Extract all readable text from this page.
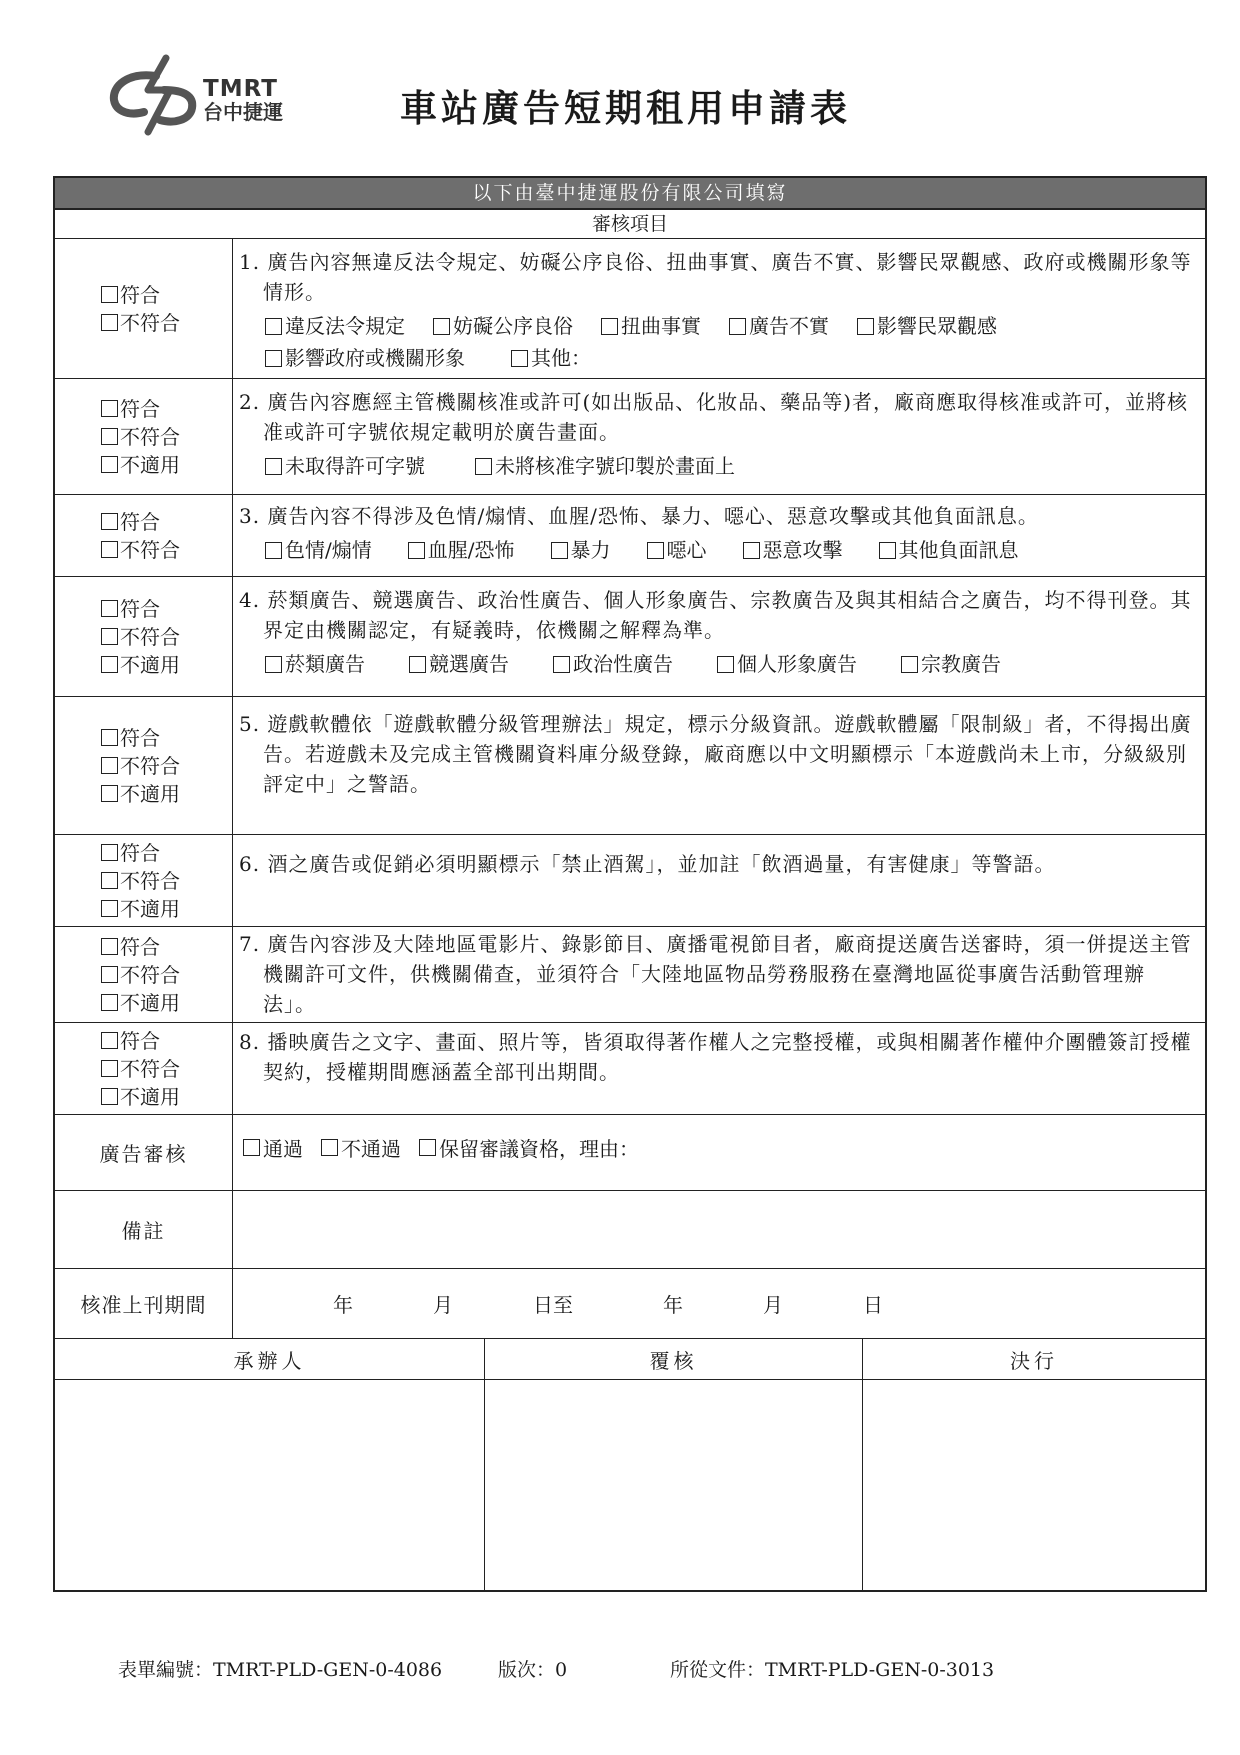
TMRT
台中捷運	車站廣告短期租用申請表
以下由臺中捷運股份有限公司填寫
審核項目
符合
不符合
1. 廣告內容無違反法令規定、妨礙公序良俗、扭曲事實、廣告不實、影響民眾觀感、政府或機關形象等情形。
違反法令規定 妨礙公序良俗 扭曲事實 廣告不實 影響民眾觀感
影響政府或機關形象	其他：
符合
不符合
不適用
2. 廣告內容應經主管機關核准或許可(如出版品、化妝品、藥品等)者，廠商應取得核准或許可，並將核准或許可字號依規定載明於廣告畫面。
未取得許可字號	未將核准字號印製於畫面上
符合
不符合
3. 廣告內容不得涉及色情/煽情、血腥/恐怖、暴力、噁心、惡意攻擊或其他負面訊息。
色情/煽情	血腥/恐怖	暴力	噁心	惡意攻擊	其他負面訊息
符合
不符合
不適用
4. 菸類廣告、競選廣告、政治性廣告、個人形象廣告、宗教廣告及與其相結合之廣告，均不得刊登。其界定由機關認定，有疑義時，依機關之解釋為準。
菸類廣告	競選廣告	政治性廣告	個人形象廣告	宗教廣告
符合
不符合
不適用
5. 遊戲軟體依「遊戲軟體分級管理辦法」規定，標示分級資訊。遊戲軟體屬「限制級」者，不得揭出廣告。若遊戲未及完成主管機關資料庫分級登錄，廠商應以中文明顯標示「本遊戲尚未上市，分級級別評定中」之警語。
符合
不符合
不適用
6. 酒之廣告或促銷必須明顯標示「禁止酒駕」，並加註「飲酒過量，有害健康」等警語。
符合
不符合
不適用
7. 廣告內容涉及大陸地區電影片、錄影節目、廣播電視節目者，廠商提送廣告送審時，須一併提送主管機關許可文件，供機關備查，並須符合「大陸地區物品勞務服務在臺灣地區從事廣告活動管理辦法」。
符合
不符合
不適用
8. 播映廣告之文字、畫面、照片等，皆須取得著作權人之完整授權，或與相關著作權仲介團體簽訂授權契約，授權期間應涵蓋全部刊出期間。
廣告審核	通過 不通過 保留審議資格，理由：
備註
核准上刊期間	年	月	日至	年	月	日
承辦人	覆核	決行
表單編號：TMRT-PLD-GEN-0-4086	版次：0	所從文件：TMRT-PLD-GEN-0-3013
